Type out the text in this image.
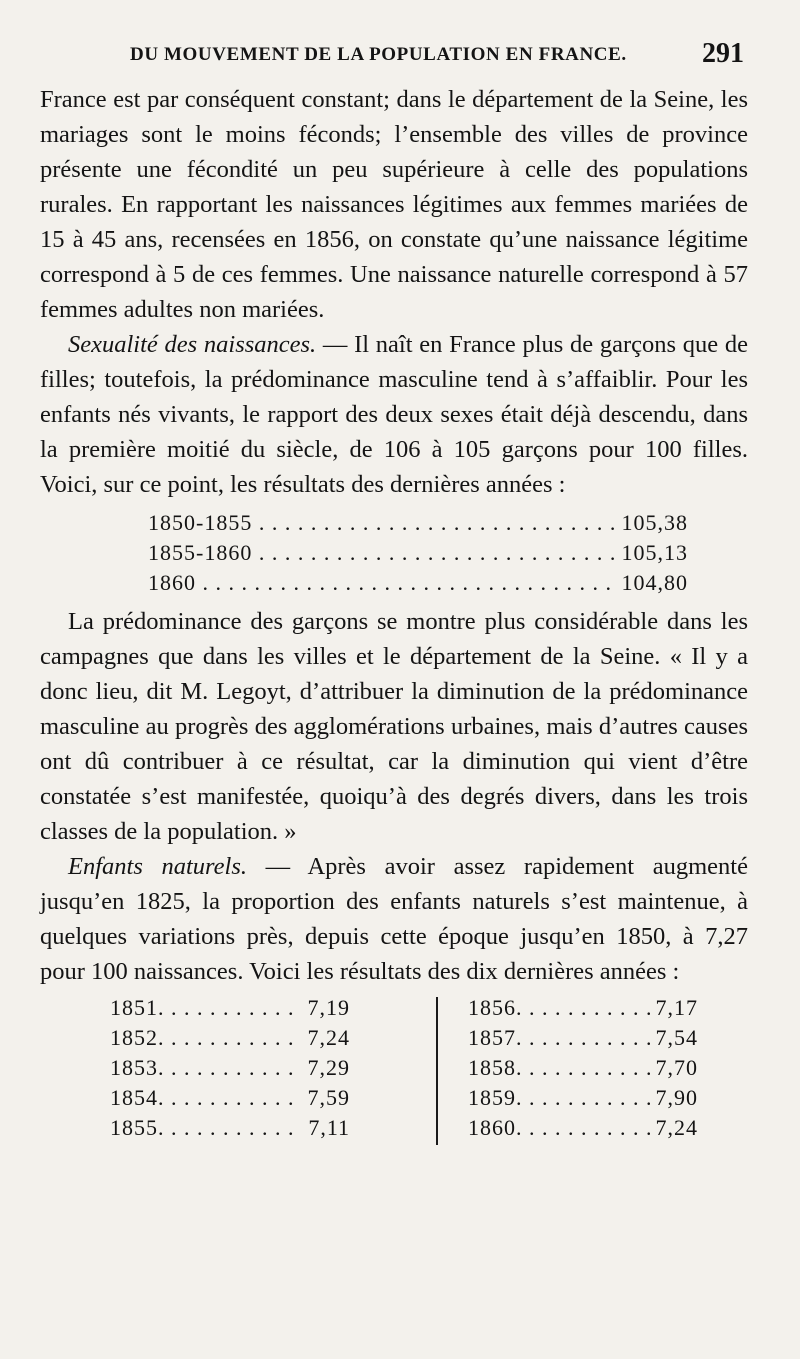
DU MOUVEMENT DE LA POPULATION EN FRANCE.	291

France est par conséquent constant; dans le département de la Seine, les mariages sont le moins féconds; l’ensemble des villes de province présente une fécondité un peu supérieure à celle des populations rurales. En rapportant les naissances légitimes aux femmes mariées de 15 à 45 ans, recensées en 1856, on constate qu’une naissance légitime correspond à 5 de ces femmes. Une naissance naturelle correspond à 57 femmes adultes non mariées.

Sexualité des naissances. — Il naît en France plus de garçons que de filles; toutefois, la prédominance masculine tend à s’affaiblir. Pour les enfants nés vivants, le rapport des deux sexes était déjà descendu, dans la première moitié du siècle, de 106 à 105 garçons pour 100 filles. Voici, sur ce point, les résultats des dernières années :

1850-1855 . . .	105,38
1855-1860 . . .	105,13
1860 . . .	104,80

La prédominance des garçons se montre plus considérable dans les campagnes que dans les villes et le département de la Seine. « Il y a donc lieu, dit M. Legoyt, d’attribuer la diminution de la prédominance masculine au progrès des agglomérations urbaines, mais d’autres causes ont dû contribuer à ce résultat, car la diminution qui vient d’être constatée s’est manifestée, quoiqu’à des degrés divers, dans les trois classes de la population. »

Enfants naturels. — Après avoir assez rapidement augmenté jusqu’en 1825, la proportion des enfants naturels s’est maintenue, à quelques variations près, depuis cette époque jusqu’en 1850, à 7,27 pour 100 naissances. Voici les résultats des dix dernières années :

1851 . . .	7,19
1852 . . .	7,24
1853 . . .	7,29
1854 . . .	7,59
1855 . . .	7,11
1856 . . .	7,17
1857 . . .	7,54
1858 . . .	7,70
1859 . . .	7,90
1860 . . .	7,24
